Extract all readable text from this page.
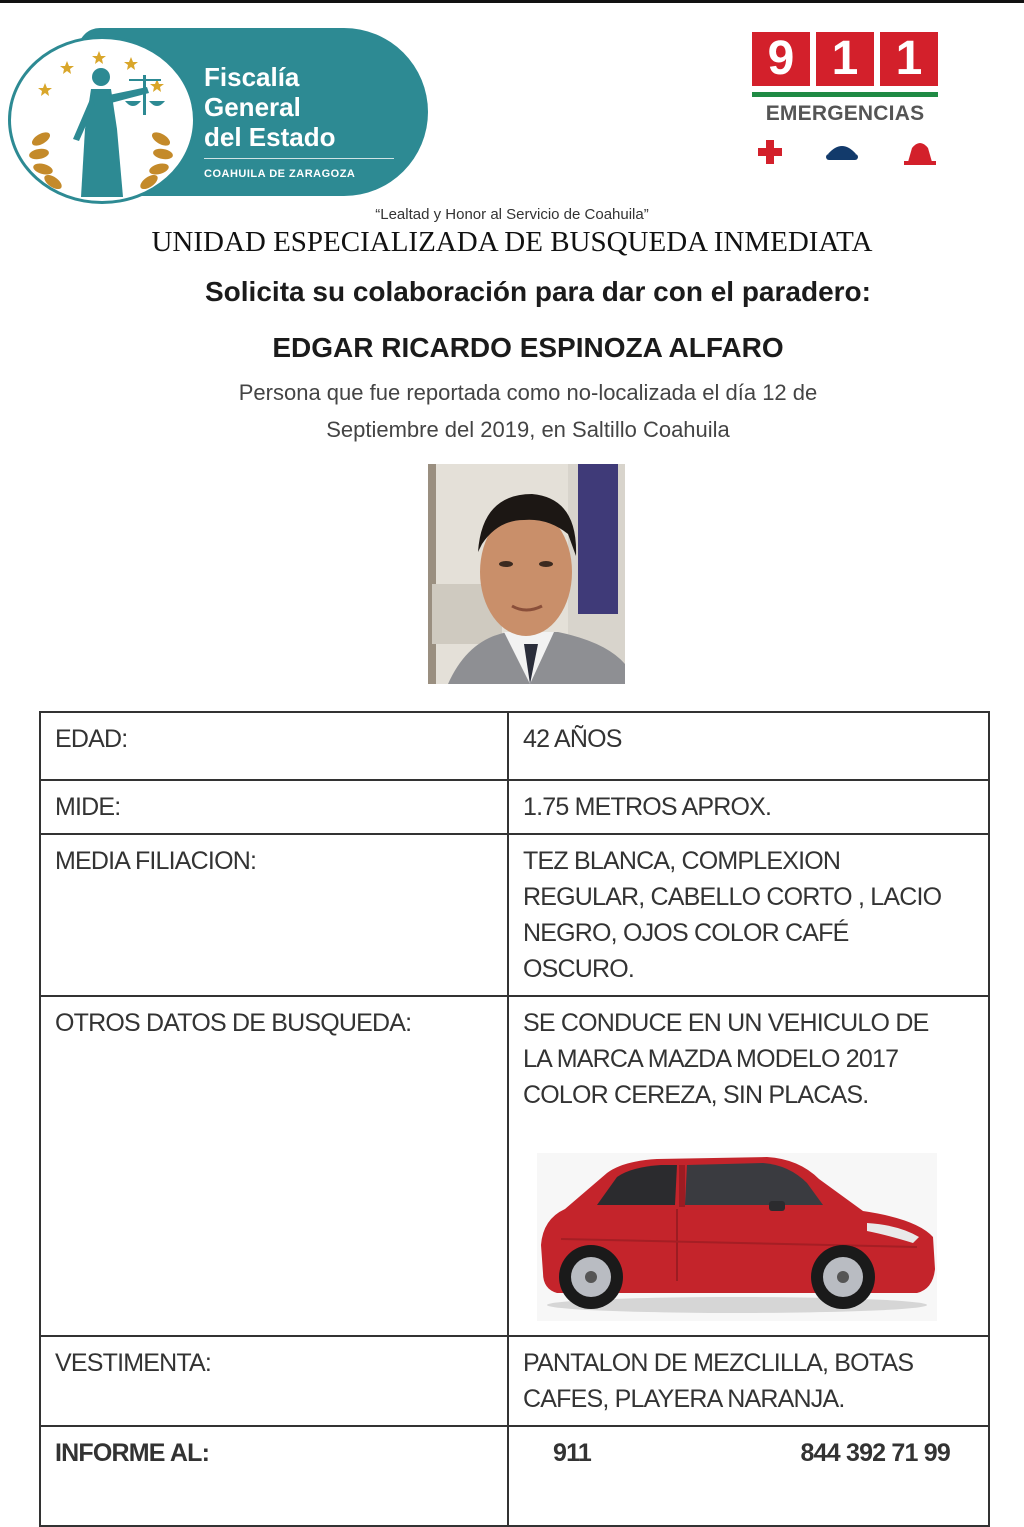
Fiscalía
General
del Estado
COAHUILA DE ZARAGOZA
9 1 1
EMERGENCIAS
“Lealtad y Honor al Servicio de Coahuila”
UNIDAD ESPECIALIZADA DE BUSQUEDA INMEDIATA
Solicita su colaboración para dar con el paradero:
EDGAR RICARDO ESPINOZA ALFARO
Persona que fue reportada como no-localizada el día 12 de
Septiembre del 2019, en Saltillo Coahuila
EDAD:	42 AÑOS
MIDE:	1.75 METROS APROX.
MEDIA FILIACION:	TEZ BLANCA, COMPLEXION
REGULAR, CABELLO CORTO , LACIO
NEGRO, OJOS COLOR CAFÉ
OSCURO.

OTROS DATOS DE BUSQUEDA:	SE CONDUCE EN UN VEHICULO DE
LA MARCA MAZDA MODELO 2017
COLOR CEREZA, SIN PLACAS.

VESTIMENTA:	PANTALON DE MEZCLILLA, BOTAS
CAFES, PLAYERA NARANJA.

INFORME AL:	911 844 392 71 99
